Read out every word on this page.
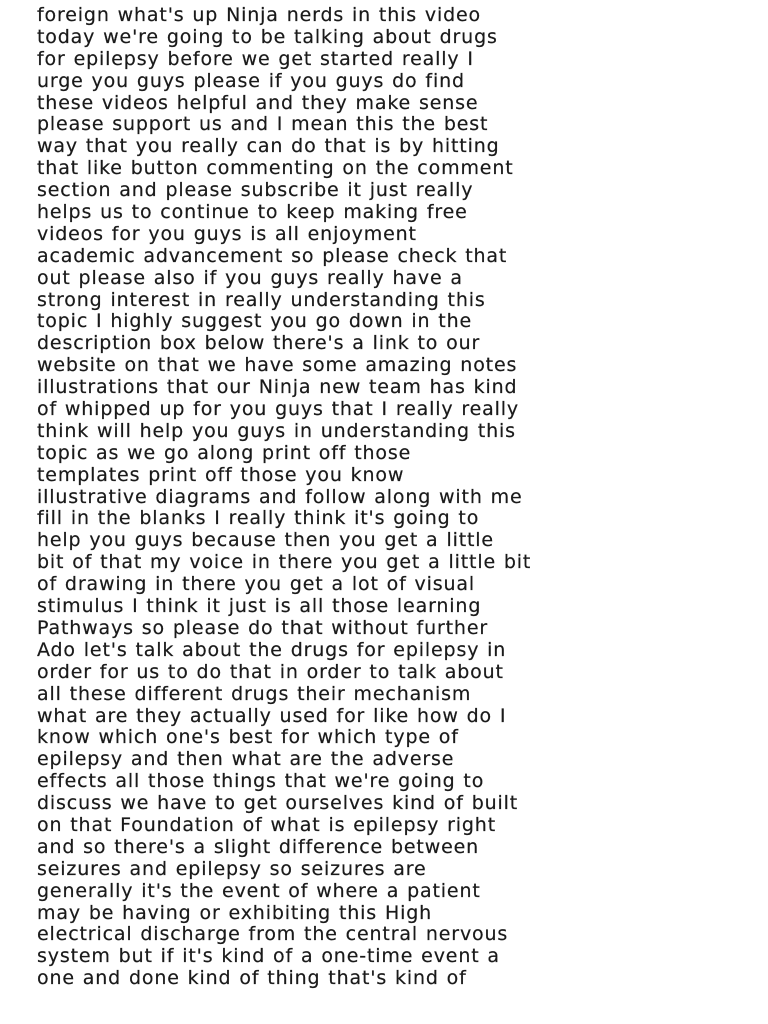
foreign what's up Ninja nerds in this video
today we're going to be talking about drugs
for epilepsy before we get started really I
urge you guys please if you guys do find
these videos helpful and they make sense
please support us and I mean this the best
way that you really can do that is by hitting
that like button commenting on the comment
section and please subscribe it just really
helps us to continue to keep making free
videos for you guys is all enjoyment
academic advancement so please check that
out please also if you guys really have a
strong interest in really understanding this
topic I highly suggest you go down in the
description box below there's a link to our
website on that we have some amazing notes
illustrations that our Ninja new team has kind
of whipped up for you guys that I really really
think will help you guys in understanding this
topic as we go along print off those
templates print off those you know
illustrative diagrams and follow along with me
fill in the blanks I really think it's going to
help you guys because then you get a little
bit of that my voice in there you get a little bit
of drawing in there you get a lot of visual
stimulus I think it just is all those learning
Pathways so please do that without further
Ado let's talk about the drugs for epilepsy in
order for us to do that in order to talk about
all these different drugs their mechanism
what are they actually used for like how do I
know which one's best for which type of
epilepsy and then what are the adverse
effects all those things that we're going to
discuss we have to get ourselves kind of built
on that Foundation of what is epilepsy right
and so there's a slight difference between
seizures and epilepsy so seizures are
generally it's the event of where a patient
may be having or exhibiting this High
electrical discharge from the central nervous
system but if it's kind of a one-time event a
one and done kind of thing that's kind of
